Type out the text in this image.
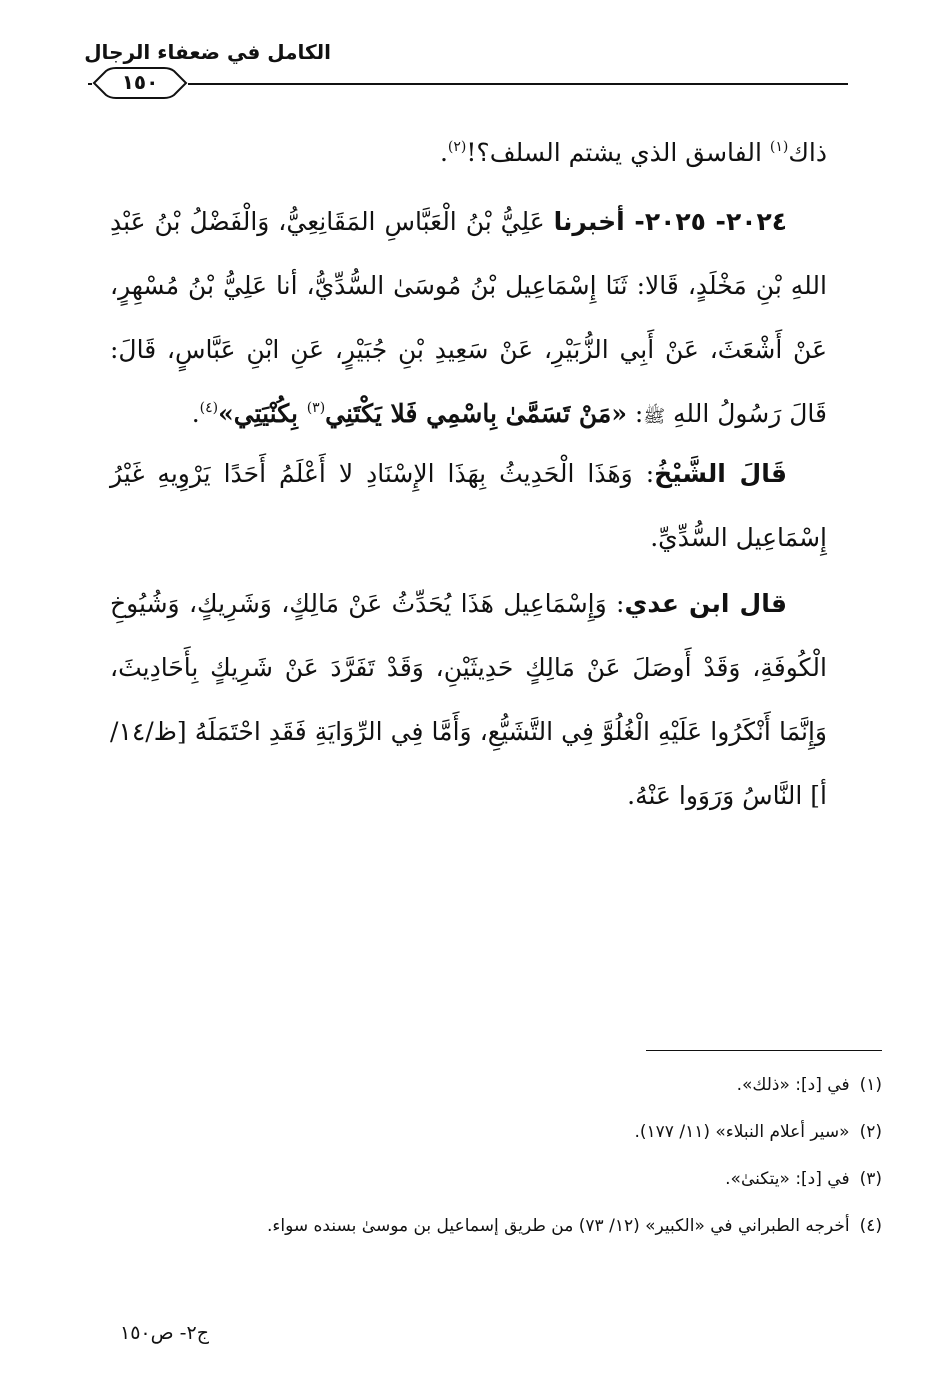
الكامل في ضعفاء الرجال
١٥٠

ذاك$^{(١)}$ الفاسق الذي يشتم السلف؟!$^{(٢)}$.

٢٠٢٤- ٢٠٢٥- أخبرنا عَلِيُّ بْنُ الْعَبَّاسِ المَقَانِعِيُّ، وَالْفَضْلُ بْنُ عَبْدِ اللهِ بْنِ مَخْلَدٍ، قَالا: ثَنَا إِسْمَاعِيل بْنُ مُوسَىٰ السُّدِّيُّ، أنا عَلِيُّ بْنُ مُسْهِرٍ، عَنْ أَشْعَثَ، عَنْ أَبِي الزُّبَيْرِ، عَنْ سَعِيدِ بْنِ جُبَيْرٍ، عَنِ ابْنِ عَبَّاسٍ، قَالَ: قَالَ رَسُولُ اللهِ ﷺ: «مَنْ تَسَمَّىٰ بِاسْمِي فَلا يَكْتَنِي$^{(٣)}$ بِكُنْيَتِي»$^{(٤)}$.

قَالَ الشَّيْخُ: وَهَذَا الْحَدِيثُ بِهَذَا الإِسْنَادِ لا أَعْلَمُ أَحَدًا يَرْوِيهِ غَيْرُ إِسْمَاعِيل السُّدِّيِّ.

قال ابن عدي: وَإِسْمَاعِيل هَذَا يُحَدِّثُ عَنْ مَالِكٍ، وَشَرِيكٍ، وَشُيُوخِ الْكُوفَةِ، وَقَدْ أَوصَلَ عَنْ مَالِكٍ حَدِيثَيْنِ، وَقَدْ تَفَرَّدَ عَنْ شَرِيكٍ بِأَحَادِيثَ، وَإِنَّمَا أَنْكَرُوا عَلَيْهِ الْغُلُوَّ فِي التَّشَيُّعِ، وَأَمَّا فِي الرِّوَايَةِ فَقَدِ احْتَمَلَهُ [ظ/١٤/أ] النَّاسُ وَرَوَوا عَنْهُ.

(١)في [د]: «ذلك».
(٢)«سير أعلام النبلاء» (١١/ ١٧٧).
(٣)في [د]: «يتكنىٰ».
(٤)أخرجه الطبراني في «الكبير» (١٢/ ٧٣) من طريق إسماعيل بن موسىٰ بسنده سواء.
ج٢- ص١٥٠
